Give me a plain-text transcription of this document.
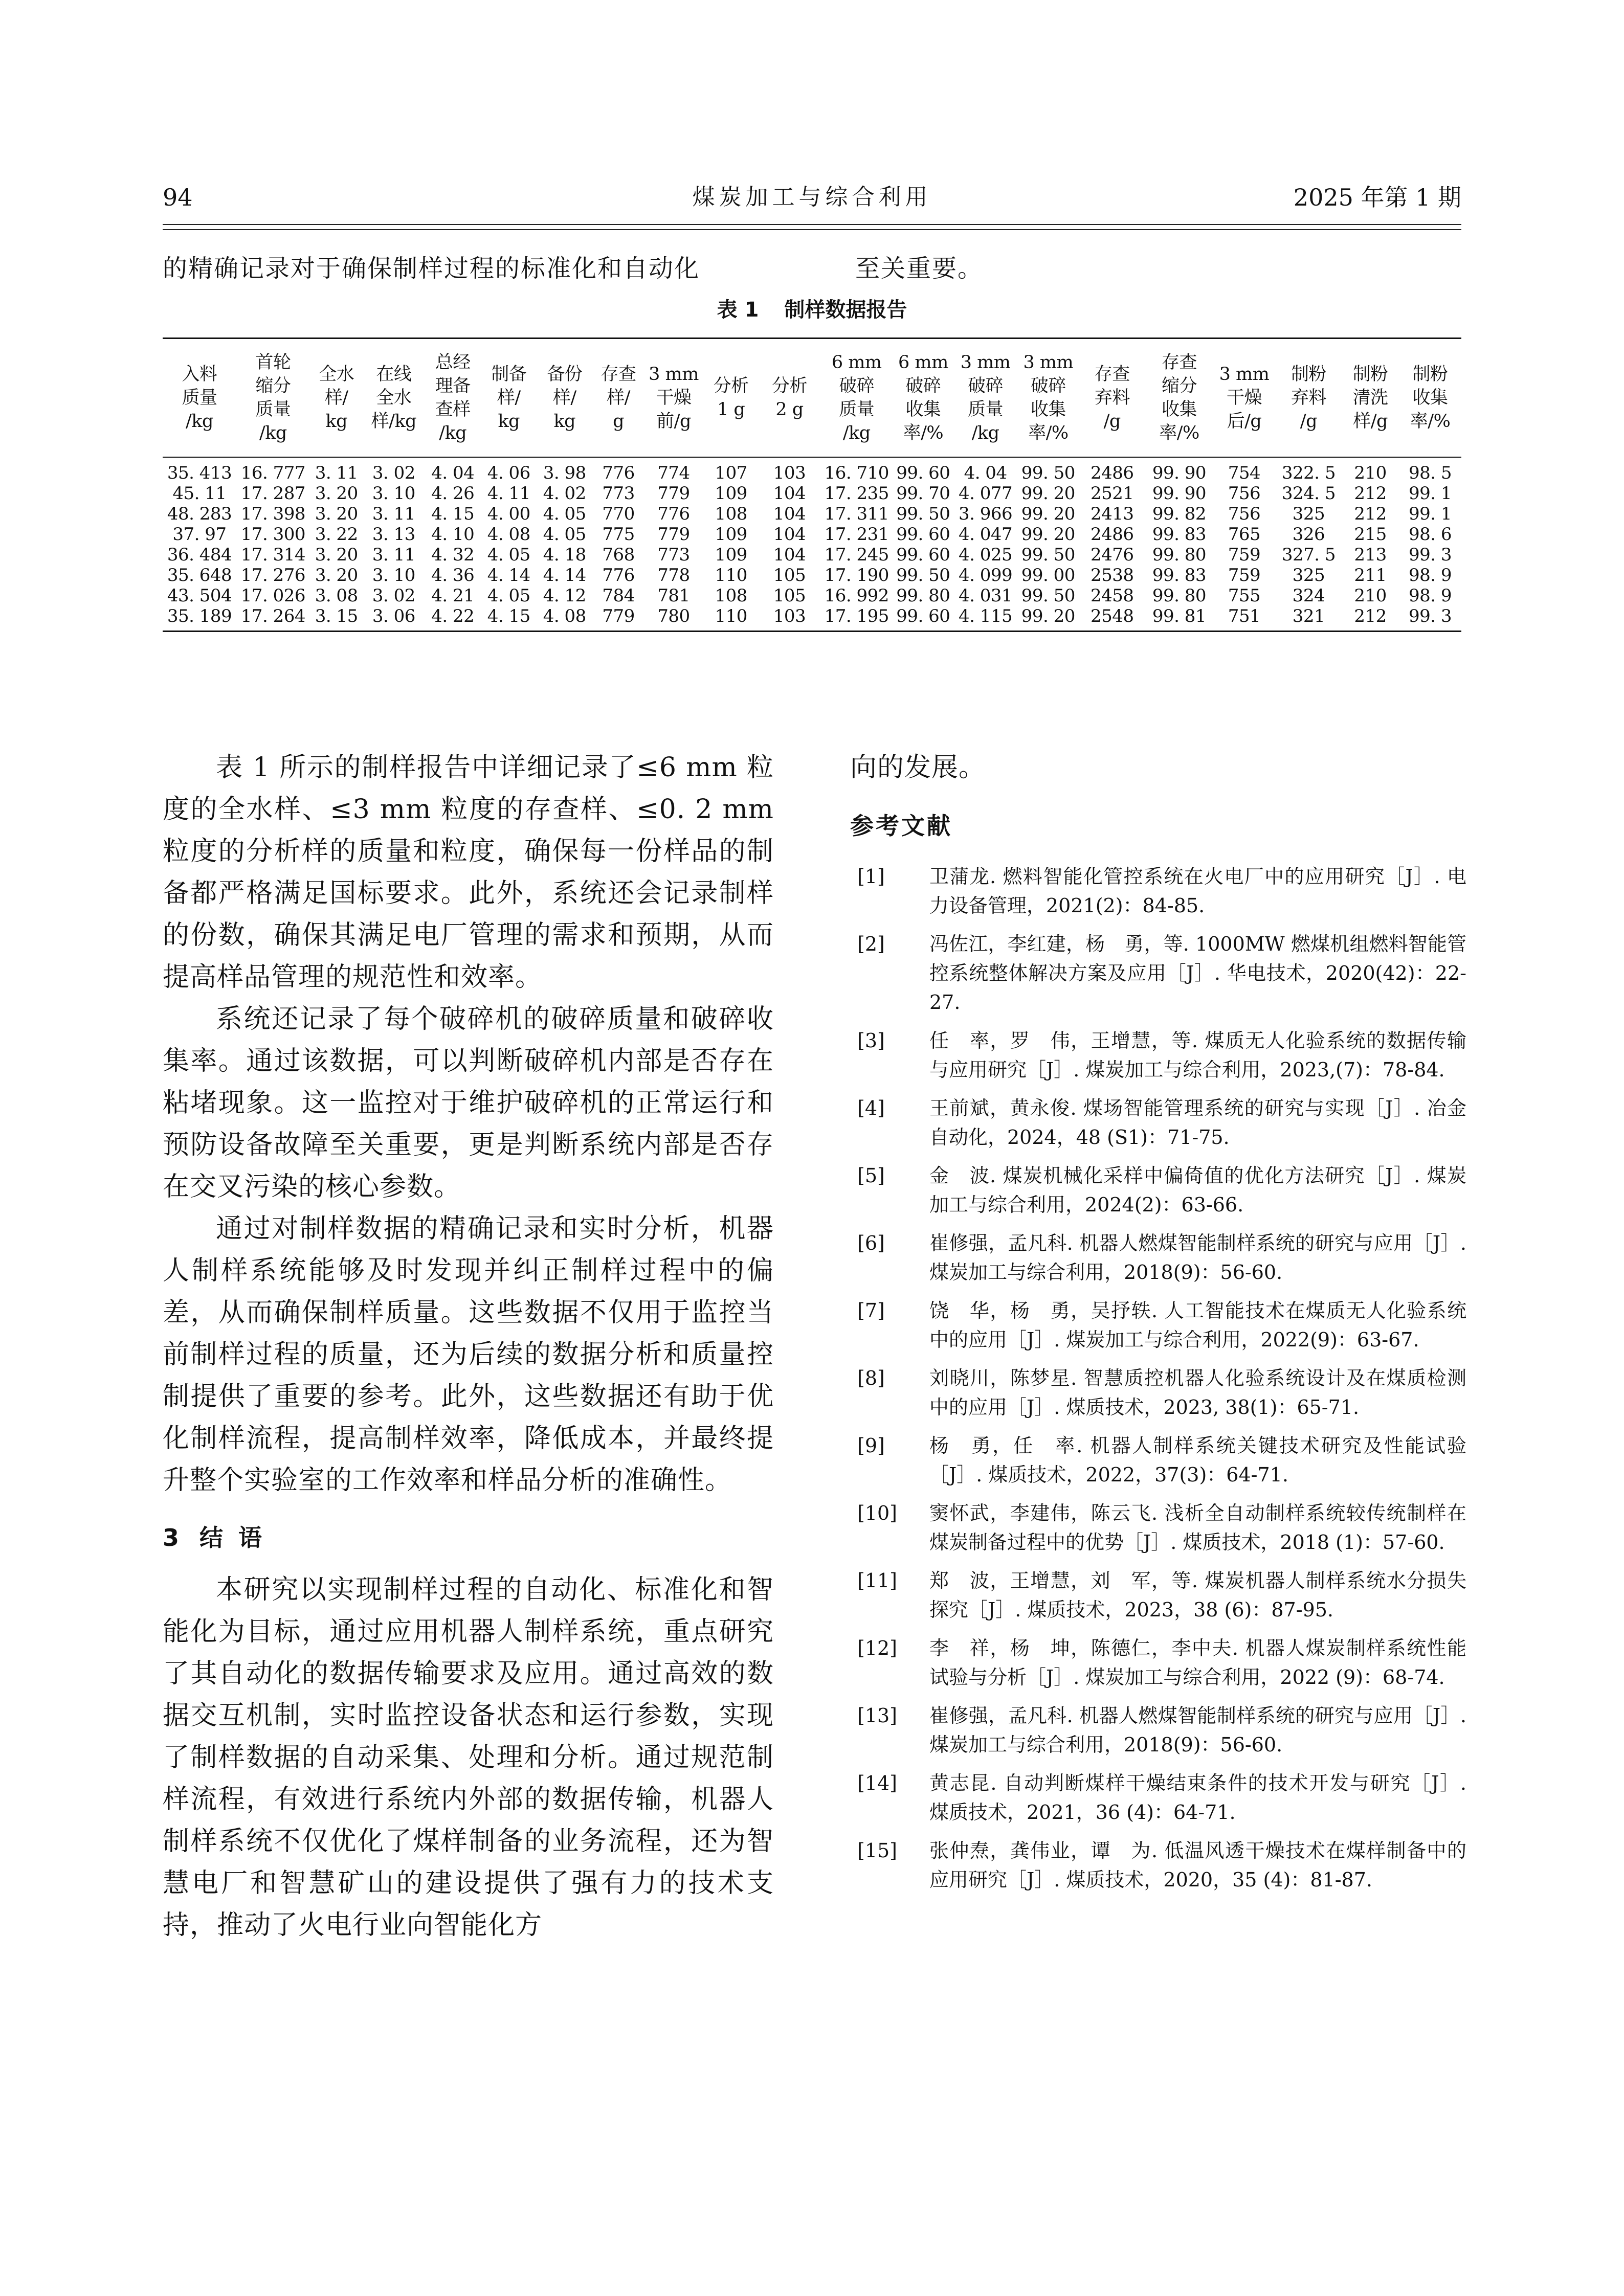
94	煤炭加工与综合利用	2025 年第 1 期
的精确记录对于确保制样过程的标准化和自动化	至关重要。
表 1 制样数据报告
入料
质量
/kg	首轮
缩分
质量
/kg	全水
样/
kg	在线
全水
样/kg	总经
理备
查样
/kg	制备
样/
kg	备份
样/
kg	存查
样/
g	3 mm
干燥
前/g	分析
1 g	分析
2 g	6 mm
破碎
质量
/kg	6 mm
破碎
收集
率/%	3 mm
破碎
质量
/kg	3 mm
破碎
收集
率/%	存查
弃料
/g	存查
缩分
收集
率/%	3 mm
干燥
后/g	制粉
弃料
/g	制粉
清洗
样/g	制粉
收集
率/%
35. 413	16. 777	3. 11	3. 02	4. 04	4. 06	3. 98	776	774	107	103	16. 710	99. 60	4. 04	99. 50	2486	99. 90	754	322. 5	210	98. 5
45. 11	17. 287	3. 20	3. 10	4. 26	4. 11	4. 02	773	779	109	104	17. 235	99. 70	4. 077	99. 20	2521	99. 90	756	324. 5	212	99. 1
48. 283	17. 398	3. 20	3. 11	4. 15	4. 00	4. 05	770	776	108	104	17. 311	99. 50	3. 966	99. 20	2413	99. 82	756	325	212	99. 1
37. 97	17. 300	3. 22	3. 13	4. 10	4. 08	4. 05	775	779	109	104	17. 231	99. 60	4. 047	99. 20	2486	99. 83	765	326	215	98. 6
36. 484	17. 314	3. 20	3. 11	4. 32	4. 05	4. 18	768	773	109	104	17. 245	99. 60	4. 025	99. 50	2476	99. 80	759	327. 5	213	99. 3
35. 648	17. 276	3. 20	3. 10	4. 36	4. 14	4. 14	776	778	110	105	17. 190	99. 50	4. 099	99. 00	2538	99. 83	759	325	211	98. 9
43. 504	17. 026	3. 08	3. 02	4. 21	4. 05	4. 12	784	781	108	105	16. 992	99. 80	4. 031	99. 50	2458	99. 80	755	324	210	98. 9
35. 189	17. 264	3. 15	3. 06	4. 22	4. 15	4. 08	779	780	110	103	17. 195	99. 60	4. 115	99. 20	2548	99. 81	751	321	212	99. 3

表 1 所示的制样报告中详细记录了≤6 mm 粒度的全水样、≤3 mm 粒度的存查样、≤0. 2 mm 粒度的分析样的质量和粒度，确保每一份样品的制备都严格满足国标要求。此外，系统还会记录制样的份数，确保其满足电厂管理的需求和预期，从而提高样品管理的规范性和效率。

系统还记录了每个破碎机的破碎质量和破碎收集率。通过该数据，可以判断破碎机内部是否存在粘堵现象。这一监控对于维护破碎机的正常运行和预防设备故障至关重要，更是判断系统内部是否存在交叉污染的核心参数。

通过对制样数据的精确记录和实时分析，机器人制样系统能够及时发现并纠正制样过程中的偏差，从而确保制样质量。这些数据不仅用于监控当前制样过程的质量，还为后续的数据分析和质量控制提供了重要的参考。此外，这些数据还有助于优化制样流程，提高制样效率，降低成本，并最终提升整个实验室的工作效率和样品分析的准确性。

3 结语

本研究以实现制样过程的自动化、标准化和智能化为目标，通过应用机器人制样系统，重点研究了其自动化的数据传输要求及应用。通过高效的数据交互机制，实时监控设备状态和运行参数，实现了制样数据的自动采集、处理和分析。通过规范制样流程，有效进行系统内外部的数据传输，机器人制样系统不仅优化了煤样制备的业务流程，还为智慧电厂和智慧矿山的建设提供了强有力的技术支持，推动了火电行业向智能化方

向的发展。

参考文献
[1] 卫蒲龙. 燃料智能化管控系统在火电厂中的应用研究［J］. 电力设备管理，2021(2)：84-85.
[2] 冯佐江，李红建，杨　勇，等. 1000MW 燃煤机组燃料智能管控系统整体解决方案及应用［J］. 华电技术，2020(42)：22-27.
[3] 任　率，罗　伟，王增慧，等. 煤质无人化验系统的数据传输与应用研究［J］. 煤炭加工与综合利用，2023,(7)：78-84.
[4] 王前斌，黄永俊. 煤场智能管理系统的研究与实现［J］. 冶金自动化，2024，48 (S1)：71-75.
[5] 金　波. 煤炭机械化采样中偏倚值的优化方法研究［J］. 煤炭加工与综合利用，2024(2)：63-66.
[6] 崔修强，孟凡科. 机器人燃煤智能制样系统的研究与应用［J］. 煤炭加工与综合利用，2018(9)：56-60.
[7] 饶　华，杨　勇，吴抒轶. 人工智能技术在煤质无人化验系统中的应用［J］. 煤炭加工与综合利用，2022(9)：63-67.
[8] 刘晓川，陈梦星. 智慧质控机器人化验系统设计及在煤质检测中的应用［J］. 煤质技术，2023, 38(1)：65-71.
[9] 杨　勇，任　率. 机器人制样系统关键技术研究及性能试验［J］. 煤质技术，2022，37(3)：64-71.
[10] 窦怀武，李建伟，陈云飞. 浅析全自动制样系统较传统制样在煤炭制备过程中的优势［J］. 煤质技术，2018 (1)：57-60.
[11] 郑　波，王增慧，刘　军，等. 煤炭机器人制样系统水分损失探究［J］. 煤质技术，2023，38 (6)：87-95.
[12] 李　祥，杨　坤，陈德仁，李中夫. 机器人煤炭制样系统性能试验与分析［J］. 煤炭加工与综合利用，2022 (9)：68-74.
[13] 崔修强，孟凡科. 机器人燃煤智能制样系统的研究与应用［J］. 煤炭加工与综合利用，2018(9)：56-60.
[14] 黄志昆. 自动判断煤样干燥结束条件的技术开发与研究［J］. 煤质技术，2021，36 (4)：64-71.
[15] 张仲焘，龚伟业，谭　为. 低温风透干燥技术在煤样制备中的应用研究［J］. 煤质技术，2020，35 (4)：81-87.
